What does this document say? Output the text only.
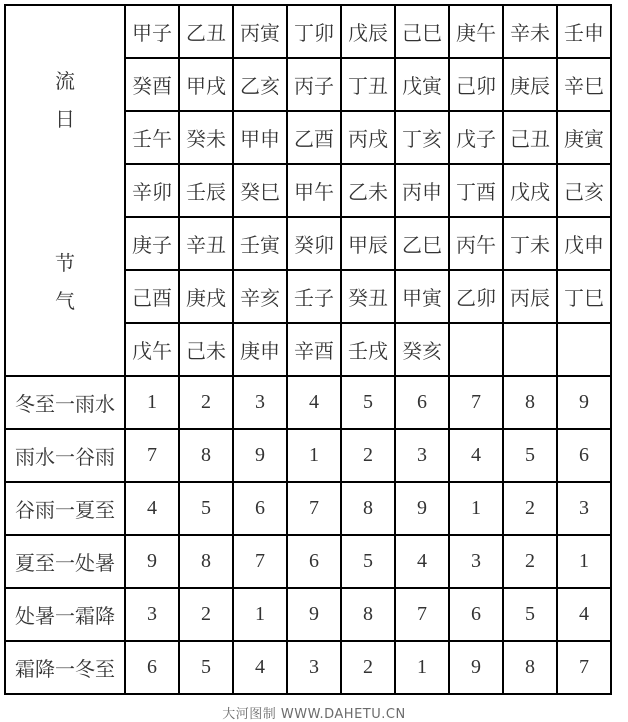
流
日
节
气	甲子	乙丑	丙寅	丁卯	戊辰	己巳	庚午	辛未	壬申
	癸酉	甲戌	乙亥	丙子	丁丑	戊寅	己卯	庚辰	辛巳
	壬午	癸未	甲申	乙酉	丙戌	丁亥	戊子	己丑	庚寅
	辛卯	壬辰	癸巳	甲午	乙未	丙申	丁酉	戊戌	己亥
	庚子	辛丑	壬寅	癸卯	甲辰	乙巳	丙午	丁未	戊申
	己酉	庚戌	辛亥	壬子	癸丑	甲寅	乙卯	丙辰	丁巳
	戊午	己未	庚申	辛酉	壬戌	癸亥			
冬至一雨水	1	2	3	4	5	6	7	8	9
雨水一谷雨	7	8	9	1	2	3	4	5	6
谷雨一夏至	4	5	6	7	8	9	1	2	3
夏至一处暑	9	8	7	6	5	4	3	2	1
处暑一霜降	3	2	1	9	8	7	6	5	4
霜降一冬至	6	5	4	3	2	1	9	8	7
大河图制 WWW.DAHETU.CN
